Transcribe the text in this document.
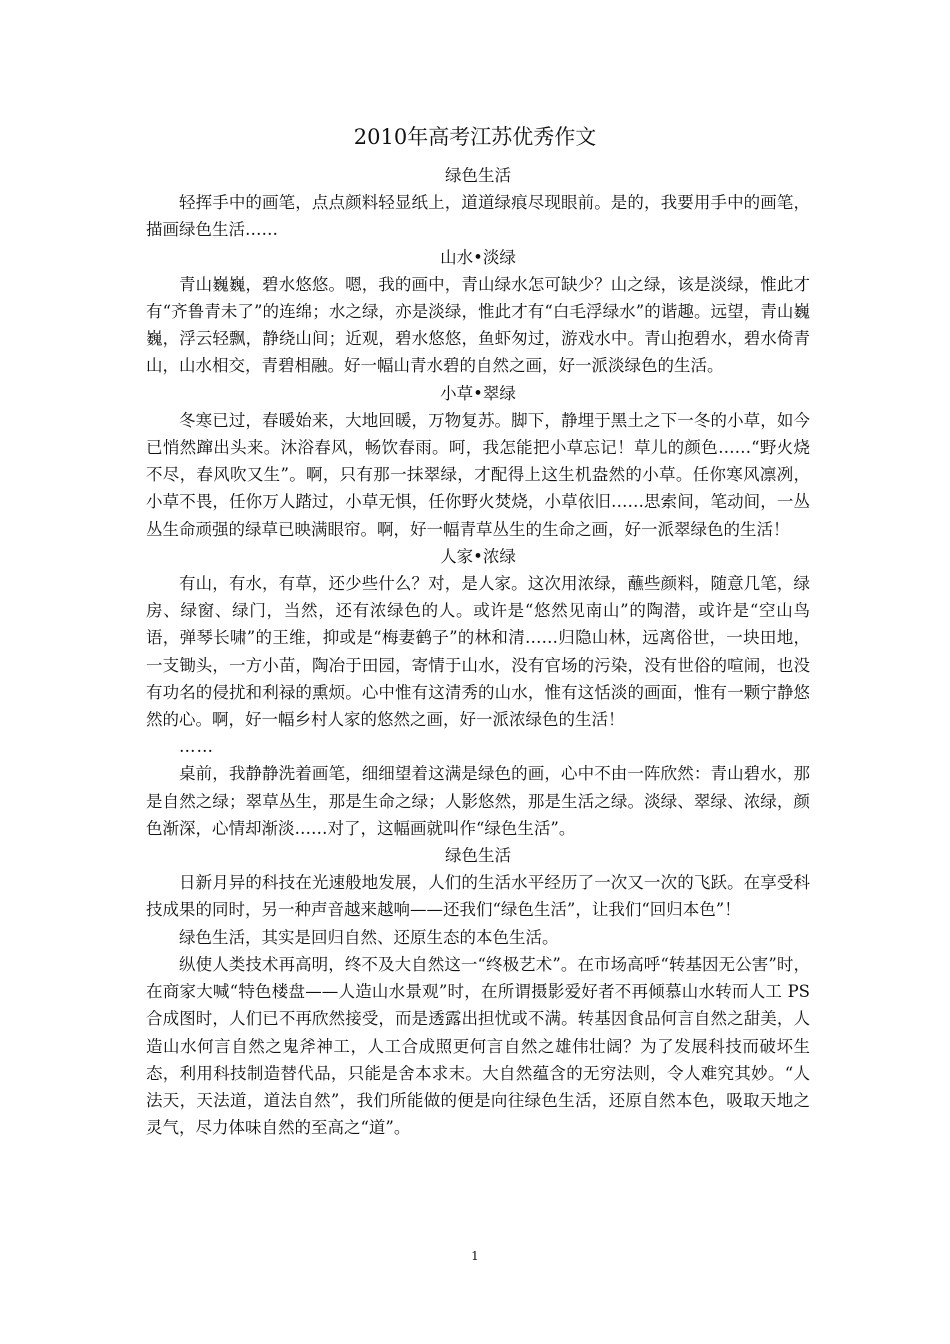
2010年高考江苏优秀作文

绿色生活

轻挥手中的画笔，点点颜料轻显纸上，道道绿痕尽现眼前。是的，我要用手中的画笔，描画绿色生活……

山水•淡绿

青山巍巍，碧水悠悠。嗯，我的画中，青山绿水怎可缺少？山之绿，该是淡绿，惟此才有“齐鲁青未了”的连绵；水之绿，亦是淡绿，惟此才有“白毛浮绿水”的谐趣。远望，青山巍巍，浮云轻飘，静绕山间；近观，碧水悠悠，鱼虾匆过，游戏水中。青山抱碧水，碧水倚青山，山水相交，青碧相融。好一幅山青水碧的自然之画，好一派淡绿色的生活。

小草•翠绿

冬寒已过，春暖始来，大地回暖，万物复苏。脚下，静埋于黑土之下一冬的小草，如今已悄然蹿出头来。沐浴春风，畅饮春雨。呵，我怎能把小草忘记！草儿的颜色……“野火烧不尽，春风吹又生”。啊，只有那一抹翠绿，才配得上这生机盎然的小草。任你寒风凛冽，小草不畏，任你万人踏过，小草无惧，任你野火焚烧，小草依旧……思索间，笔动间，一丛丛生命顽强的绿草已映满眼帘。啊，好一幅青草丛生的生命之画，好一派翠绿色的生活！

人家•浓绿

有山，有水，有草，还少些什么？对，是人家。这次用浓绿，蘸些颜料，随意几笔，绿房、绿窗、绿门，当然，还有浓绿色的人。或许是“悠然见南山”的陶潜，或许是“空山鸟语，弹琴长啸”的王维，抑或是“梅妻鹤子”的林和清……归隐山林，远离俗世，一块田地，一支锄头，一方小苗，陶冶于田园，寄情于山水，没有官场的污染，没有世俗的喧闹，也没有功名的侵扰和利禄的熏烦。心中惟有这清秀的山水，惟有这恬淡的画面，惟有一颗宁静悠然的心。啊，好一幅乡村人家的悠然之画，好一派浓绿色的生活！

……

桌前，我静静洗着画笔，细细望着这满是绿色的画，心中不由一阵欣然：青山碧水，那是自然之绿；翠草丛生，那是生命之绿；人影悠然，那是生活之绿。淡绿、翠绿、浓绿，颜色渐深，心情却渐淡……对了，这幅画就叫作“绿色生活”。

绿色生活

日新月异的科技在光速般地发展，人们的生活水平经历了一次又一次的飞跃。在享受科技成果的同时，另一种声音越来越响——还我们“绿色生活”，让我们“回归本色”！

绿色生活，其实是回归自然、还原生态的本色生活。

纵使人类技术再高明，终不及大自然这一“终极艺术”。在市场高呼“转基因无公害”时，在商家大喊“特色楼盘——人造山水景观”时，在所谓摄影爱好者不再倾慕山水转而人工 PS 合成图时，人们已不再欣然接受，而是透露出担忧或不满。转基因食品何言自然之甜美，人造山水何言自然之鬼斧神工，人工合成照更何言自然之雄伟壮阔？为了发展科技而破坏生态，利用科技制造替代品，只能是舍本求末。大自然蕴含的无穷法则，令人难究其妙。“人法天，天法道，道法自然”，我们所能做的便是向往绿色生活，还原自然本色，吸取天地之灵气，尽力体味自然的至高之“道”。

1
